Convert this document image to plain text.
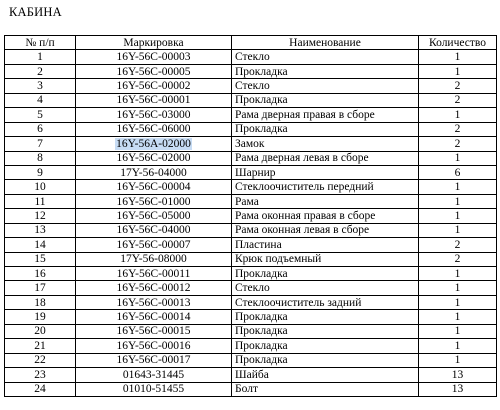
КАБИНА
№ п/п	Маркировка	Наименование	Количество
1	16Y-56C-00003	Стекло	1
2	16Y-56C-00005	Прокладка	1
3	16Y-56C-00002	Стекло	2
4	16Y-56C-00001	Прокладка	2
5	16Y-56C-03000	Рама дверная правая в сборе	1
6	16Y-56C-06000	Прокладка	2
7	16Y-56A-02000	Замок	2
8	16Y-56C-02000	Рама дверная левая в сборе	1
9	17Y-56-04000	Шарнир	6
10	16Y-56C-00004	Стеклоочиститель передний	1
11	16Y-56C-01000	Рама	1
12	16Y-56C-05000	Рама оконная правая в сборе	1
13	16Y-56C-04000	Рама оконная левая в сборе	1
14	16Y-56C-00007	Пластина	2
15	17Y-56-08000	Крюк подъемный	2
16	16Y-56C-00011	Прокладка	1
17	16Y-56C-00012	Стекло	1
18	16Y-56C-00013	Стеклоочиститель задний	1
19	16Y-56C-00014	Прокладка	1
20	16Y-56C-00015	Прокладка	1
21	16Y-56C-00016	Прокладка	1
22	16Y-56C-00017	Прокладка	1
23	01643-31445	Шайба	13
24	01010-51455	Болт	13
